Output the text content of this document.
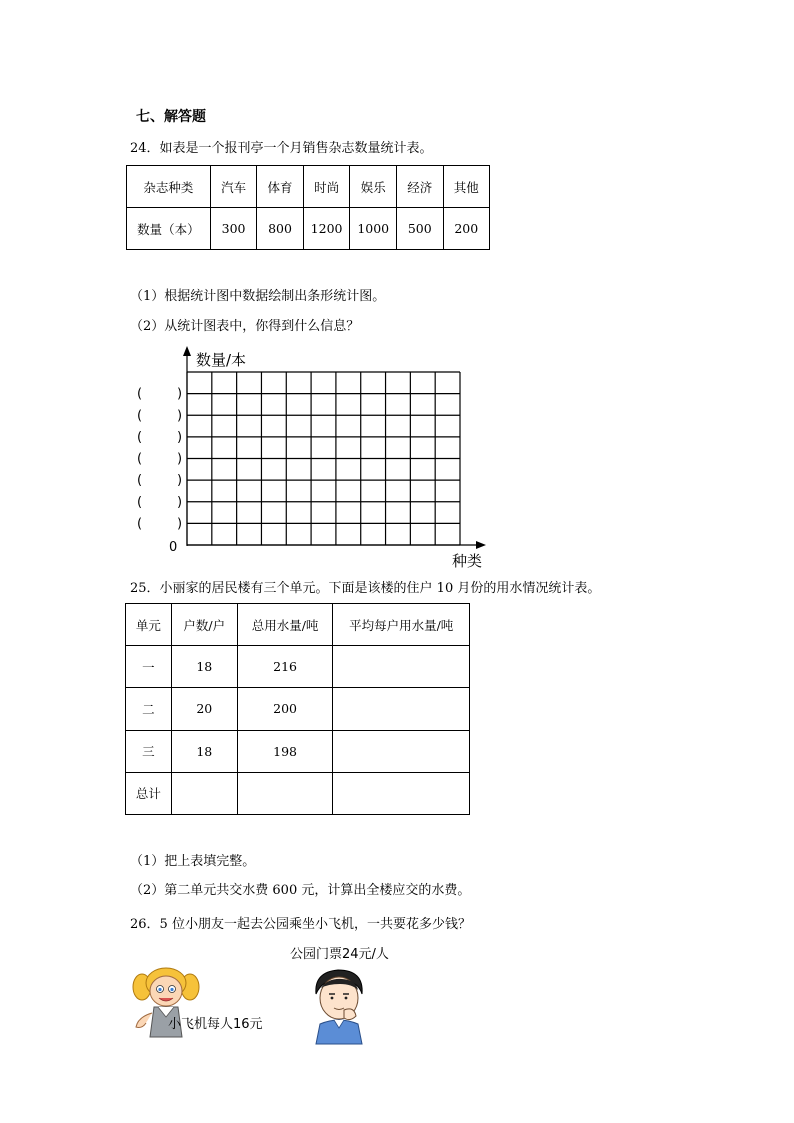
七、解答题
24．如表是一个报刊亭一个月销售杂志数量统计表。
杂志种类	汽车	体育	时尚	娱乐	经济	其他
数量（本）	300	800	1200	1000	500	200
（1）根据统计图中数据绘制出条形统计图。
（2）从统计图表中，你得到什么信息？
数量/本
种类
0
(	)
(	)
(	)
(	)
(	)
(	)
(	)
25．小丽家的居民楼有三个单元。下面是该楼的住户 10 月份的用水情况统计表。
单元	户数/户	总用水量/吨	平均每户用水量/吨
一	18	216	
二	20	200	
三	18	198	
总计			
（1）把上表填完整。
（2）第二单元共交水费 600 元，计算出全楼应交的水费。
26．5 位小朋友一起去公园乘坐小飞机，一共要花多少钱？
公园门票24元/人
小飞机每人16元
